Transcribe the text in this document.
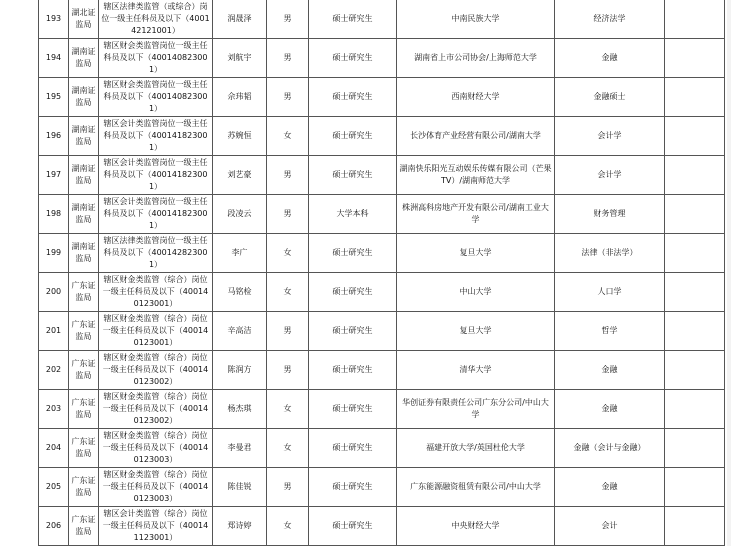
193	湖北证监局	辖区法律类监管（或综合）岗位一级主任科员及以下（400142121001）	润晟泽	男	硕士研究生	中南民族大学	经济法学	
194	湖南证监局	辖区财会类监管岗位一级主任科员及以下（400140823001）	刘航宇	男	硕士研究生	湖南省上市公司协会/上海师范大学	金融	
195	湖南证监局	辖区财会类监管岗位一级主任科员及以下（400140823001）	佘玮韬	男	硕士研究生	西南财经大学	金融硕士	
196	湖南证监局	辖区会计类监管岗位一级主任科员及以下（400141823001）	苏婉恒	女	硕士研究生	长沙体育产业经营有限公司/湖南大学	会计学	
197	湖南证监局	辖区会计类监管岗位一级主任科员及以下（400141823001）	刘艺豪	男	硕士研究生	湖南快乐阳光互动娱乐传媒有限公司（芒果TV）/湖南师范大学	会计学	
198	湖南证监局	辖区会计类监管岗位一级主任科员及以下（400141823001）	段凌云	男	大学本科	株洲高科房地产开发有限公司/湖南工业大学	财务管理	
199	湖南证监局	辖区法律类监管岗位一级主任科员及以下（400142823001）	李广	女	硕士研究生	复旦大学	法律（非法学）	
200	广东证监局	辖区财金类监管（综合）岗位一级主任科员及以下（400140123001）	马铭检	女	硕士研究生	中山大学	人口学	
201	广东证监局	辖区财金类监管（综合）岗位一级主任科员及以下（400140123001）	辛高洁	男	硕士研究生	复旦大学	哲学	
202	广东证监局	辖区财金类监管（综合）岗位一级主任科员及以下（400140123002）	陈润方	男	硕士研究生	清华大学	金融	
203	广东证监局	辖区财金类监管（综合）岗位一级主任科员及以下（400140123002）	杨杰琪	女	硕士研究生	华创证券有限责任公司广东分公司/中山大学	金融	
204	广东证监局	辖区财金类监管（综合）岗位一级主任科员及以下（400140123003）	李曼君	女	硕士研究生	福建开放大学/英国杜伦大学	金融（会计与金融）	
205	广东证监局	辖区财金类监管（综合）岗位一级主任科员及以下（400140123003）	陈佳锐	男	硕士研究生	广东能源融资租赁有限公司/中山大学	金融	
206	广东证监局	辖区会计类监管（综合）岗位一级主任科员及以下（400141123001）	郑诗婷	女	硕士研究生	中央财经大学	会计	
